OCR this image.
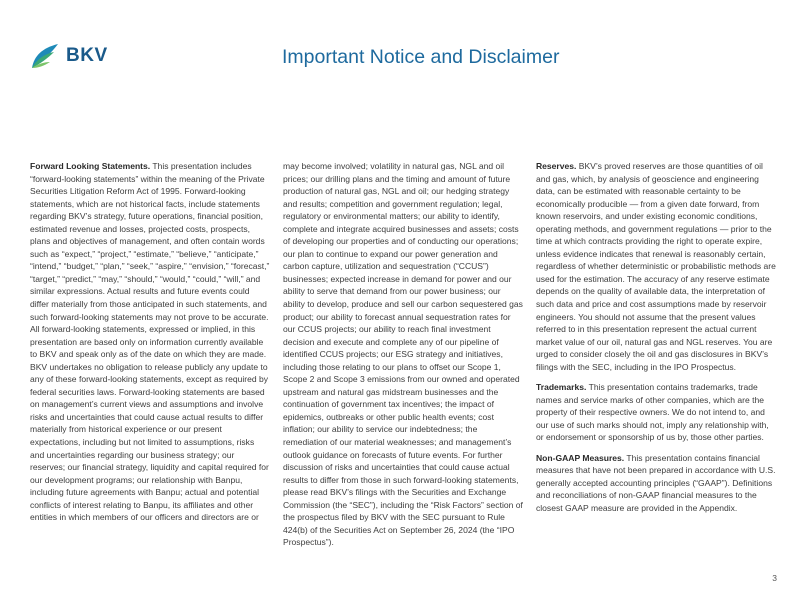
BKV	Important Notice and Disclaimer

Forward Looking Statements. This presentation includes “forward-looking statements” within the meaning of the Private Securities Litigation Reform Act of 1995. Forward-looking statements, which are not historical facts, include statements regarding BKV’s strategy, future operations, financial position, estimated revenue and losses, projected costs, prospects, plans and objectives of management, and often contain words such as “expect,” “project,” “estimate,” “believe,” “anticipate,” “intend,” “budget,” “plan,” “seek,” “aspire,” “envision,” “forecast,” “target,” “predict,” “may,” “should,” “would,” “could,” “will,” and similar expressions. Actual results and future events could differ materially from those anticipated in such statements, and such forward-looking statements may not prove to be accurate. All forward-looking statements, expressed or implied, in this presentation are based only on information currently available to BKV and speak only as of the date on which they are made. BKV undertakes no obligation to release publicly any update to any of these forward-looking statements, except as required by federal securities laws. Forward-looking statements are based on management’s current views and assumptions and involve risks and uncertainties that could cause actual results to differ materially from historical experience or our present expectations, including but not limited to assumptions, risks and uncertainties regarding our business strategy; our reserves; our financial strategy, liquidity and capital required for our development programs; our relationship with Banpu, including future agreements with Banpu; actual and potential conflicts of interest relating to Banpu, its affiliates and other entities in which members of our officers and directors are or

may become involved; volatility in natural gas, NGL and oil prices; our drilling plans and the timing and amount of future production of natural gas, NGL and oil; our hedging strategy and results; competition and government regulation; legal, regulatory or environmental matters; our ability to identify, complete and integrate acquired businesses and assets; costs of developing our properties and of conducting our operations; our plan to continue to expand our power generation and carbon capture, utilization and sequestration (“CCUS”) businesses; expected increase in demand for power and our ability to serve that demand from our power business; our ability to develop, produce and sell our carbon sequestered gas product; our ability to forecast annual sequestration rates for our CCUS projects; our ability to reach final investment decision and execute and complete any of our pipeline of identified CCUS projects; our ESG strategy and initiatives, including those relating to our plans to offset our Scope 1, Scope 2 and Scope 3 emissions from our owned and operated upstream and natural gas midstream businesses and the continuation of government tax incentives; the impact of epidemics, outbreaks or other public health events; cost inflation; our ability to service our indebtedness; the remediation of our material weaknesses; and management’s outlook guidance on forecasts of future events. For further discussion of risks and uncertainties that could cause actual results to differ from those in such forward-looking statements, please read BKV’s filings with the Securities and Exchange Commission (the “SEC”), including the “Risk Factors” section of the prospectus filed by BKV with the SEC pursuant to Rule 424(b) of the Securities Act on September 26, 2024 (the “IPO Prospectus”).

Reserves. BKV’s proved reserves are those quantities of oil and gas, which, by analysis of geoscience and engineering data, can be estimated with reasonable certainty to be economically producible — from a given date forward, from known reservoirs, and under existing economic conditions, operating methods, and government regulations — prior to the time at which contracts providing the right to operate expire, unless evidence indicates that renewal is reasonably certain, regardless of whether deterministic or probabilistic methods are used for the estimation. The accuracy of any reserve estimate depends on the quality of available data, the interpretation of such data and price and cost assumptions made by reservoir engineers. You should not assume that the present values referred to in this presentation represent the actual current market value of our oil, natural gas and NGL reserves. You are urged to consider closely the oil and gas disclosures in BKV’s filings with the SEC, including in the IPO Prospectus.

Trademarks. This presentation contains trademarks, trade names and service marks of other companies, which are the property of their respective owners. We do not intend to, and our use of such marks should not, imply any relationship with, or endorsement or sponsorship of us by, those other parties.

Non-GAAP Measures. This presentation contains financial measures that have not been prepared in accordance with U.S. generally accepted accounting principles (“GAAP”). Definitions and reconciliations of non-GAAP financial measures to the closest GAAP measure are provided in the Appendix.

3
